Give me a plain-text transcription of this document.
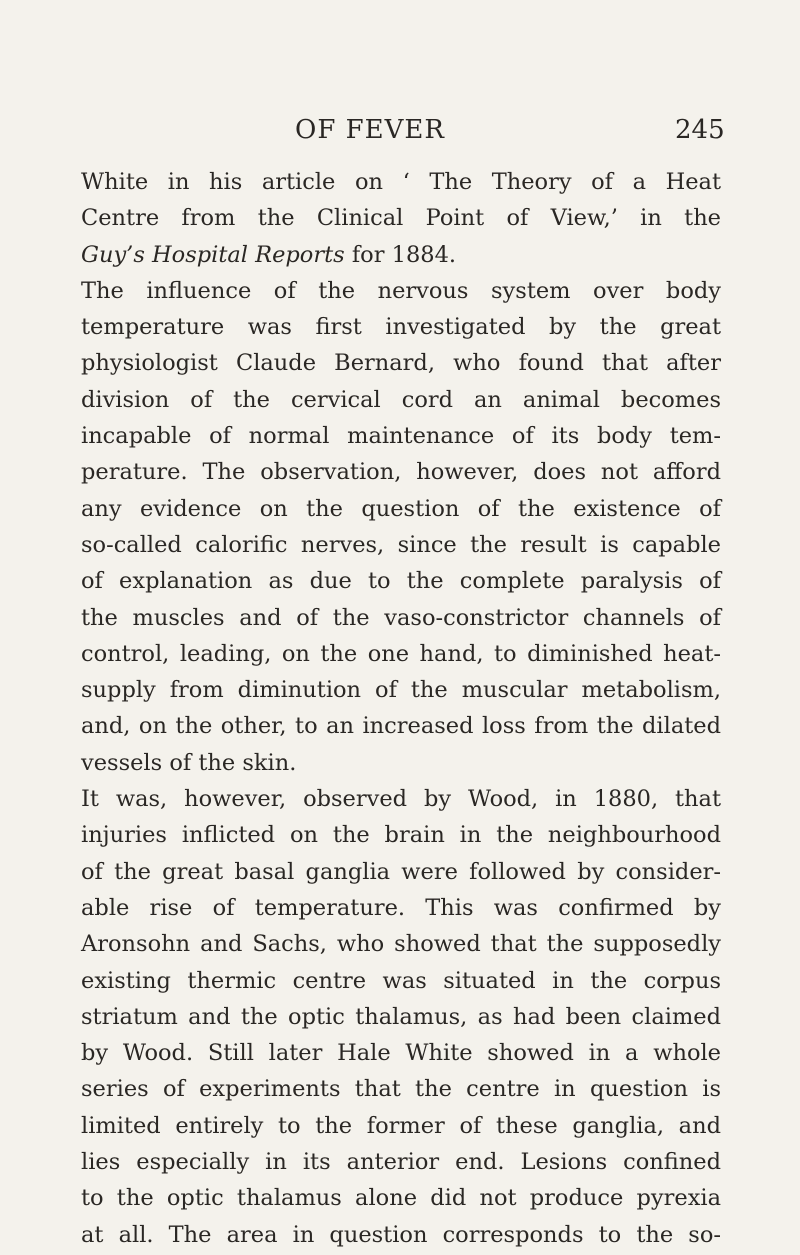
OF FEVER	245
White in his article on ‘ The Theory of a Heat
Centre from the Clinical Point of View,’ in the
Guy’s Hospital Reports for 1884.
The influence of the nervous system over body
temperature was first investigated by the great
physiologist Claude Bernard, who found that after
division of the cervical cord an animal becomes
incapable of normal maintenance of its body tem-
perature. The observation, however, does not afford
any evidence on the question of the existence of
so-called calorific nerves, since the result is capable
of explanation as due to the complete paralysis of
the muscles and of the vaso-constrictor channels of
control, leading, on the one hand, to diminished heat-
supply from diminution of the muscular metabolism,
and, on the other, to an increased loss from the dilated
vessels of the skin.
It was, however, observed by Wood, in 1880, that
injuries inflicted on the brain in the neighbourhood
of the great basal ganglia were followed by consider-
able rise of temperature. This was confirmed by
Aronsohn and Sachs, who showed that the supposedly
existing thermic centre was situated in the corpus
striatum and the optic thalamus, as had been claimed
by Wood. Still later Hale White showed in a whole
series of experiments that the centre in question is
limited entirely to the former of these ganglia, and
lies especially in its anterior end. Lesions confined
to the optic thalamus alone did not produce pyrexia
at all. The area in question corresponds to the so-
